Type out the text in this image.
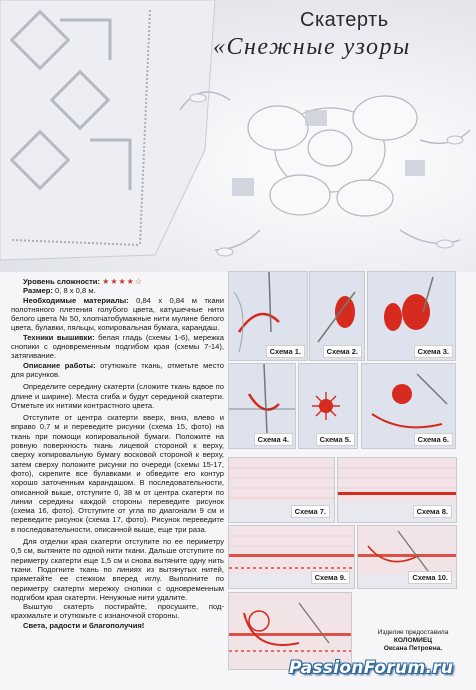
Скатерть
«Снежные узоры

Уровень сложности: ★★★★☆

Размер: 0, 8 х 0,8 м.

Необходимые материалы: 0,84 х 0,84 м ткани полотняного плетения голубого цвета, катушечные нити белого цвета № 50, хлопчатобумажные нити мулине белого цвета, булавки, пяльцы, копировальная бумага, карандаш.

Техники вышивки: белая гладь (схемы 1-6), мережка снопики с одновременным подгибом края (схемы 7-14), затягивание.

Описание работы: отутюжьте ткань, отметьте место для рисунков.

Определите середину скатерти (сложите ткань вдвое по длине и ширине). Места сгиба и будут серединой скатерти. Отметьте их нитями контрастного цвета.

Отступите от центра скатерти вверх, вниз, влево и вправо 0,7 м и переведите рисунки (схема 15, фото) на ткань при помощи копировальной бумаги. Положите на ровную поверхность ткань лицевой стороной к верху, сверху копировальную бумагу восковой стороной к верху, затем сверху положите рисунки по очереди (схемы 15-17, фото), скрепите все булавками и обведите его контур хорошо заточенным карандашом. В последовательности, описанной выше, отступите 0, 38 м от центра скатерти по линии середины каждой стороны переведите рисунок (схема 16, фото). Отступите от угла по диагонали 9 см и переведите рисунок (схема 17, фото). Рисунок переведите в последовательности, описанной выше, еще три раза.

Для отделки края скатерти отступите по ее периметру 0,5 см, вытяните по одной нити ткани. Дальше отступите по периметру скатерти еще 1,5 см и снова вытяните одну нить ткани. Подогните ткань по линиях из вытянутых нитей, приметайте ее стежком вперед иглу. Выполните по периметру скатерти мережку снопики с одновременным подгибом края скатерти. Ненужные нити удалите.

Выштую скатерть постирайте, просушите, подкрахмальте и отутюжьте с изнаночной стороны.

Света, радости и благополучия!

Схема 1.	Схема 2.	Схема 3.
Схема 4.	Схема 5.	Схема 6.
Схема 7.	Схема 8.
Схема 9.	Схема 10.
Изделие предоставила
КОЛОМИЕЦ
Оксана Петровна.
PassionForum.ru
